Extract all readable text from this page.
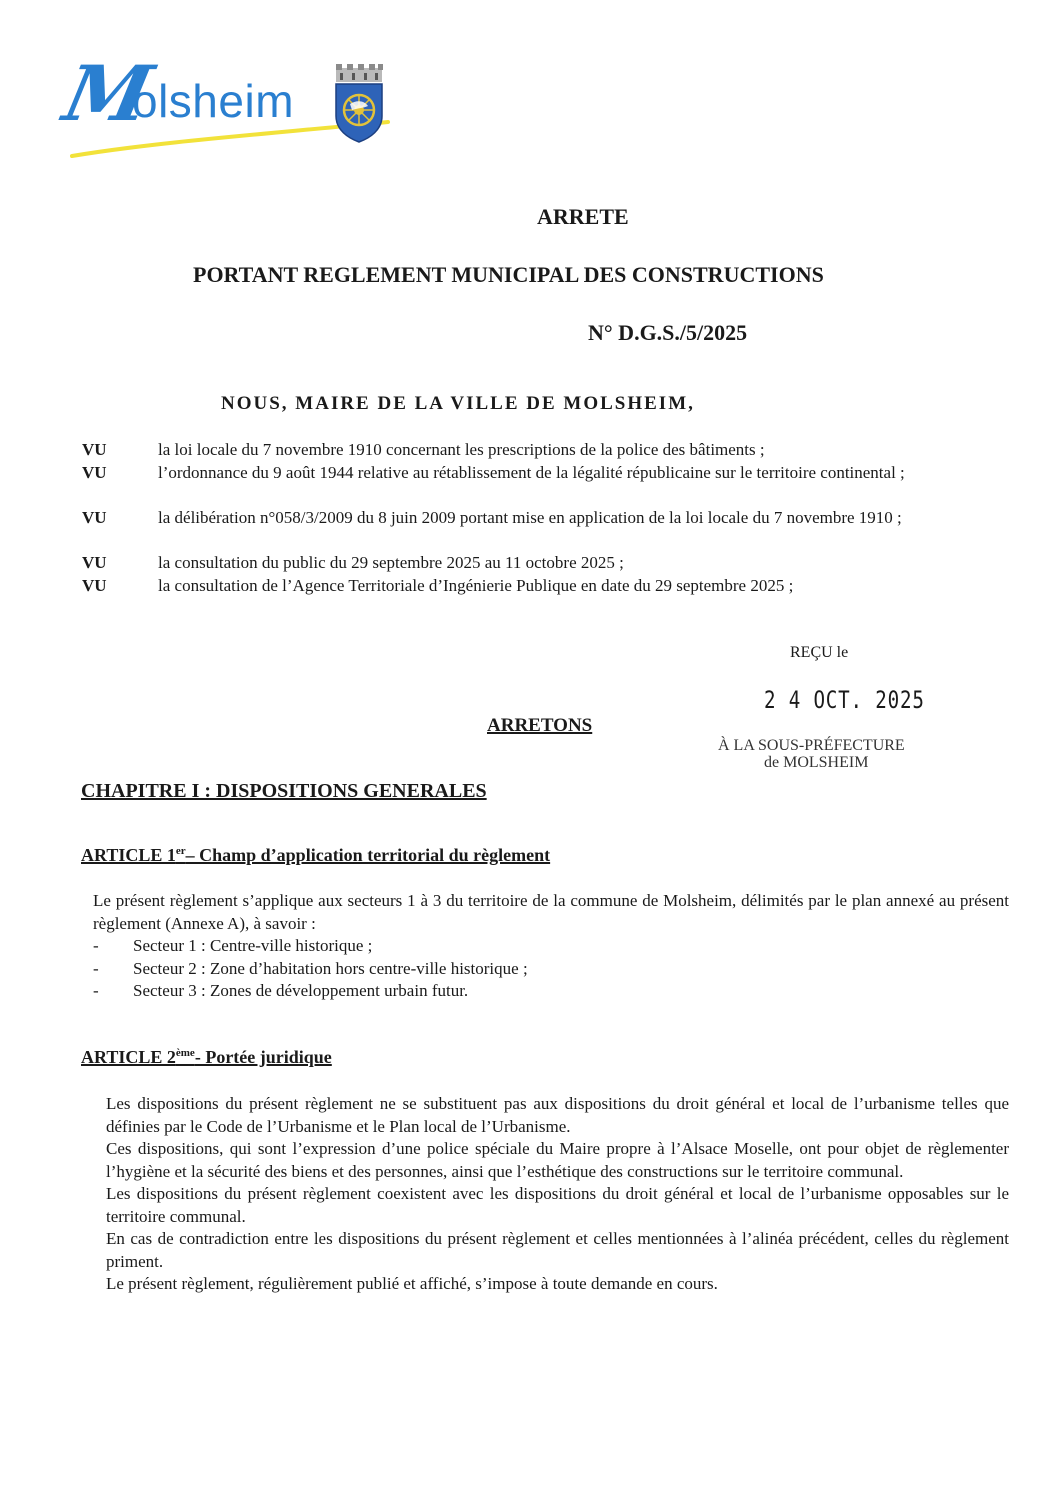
M
olsheim
ARRETE
PORTANT REGLEMENT MUNICIPAL DES CONSTRUCTIONS
N° D.G.S./5/2025
NOUS, MAIRE DE LA VILLE DE MOLSHEIM,
VU	la loi locale du 7 novembre 1910 concernant les prescriptions de la police des bâtiments ;
VU	l’ordonnance du 9 août 1944 relative au rétablissement de la légalité républicaine sur le territoire continental ;
VU	la délibération n°058/3/2009 du 8 juin 2009 portant mise en application de la loi locale du 7 novembre 1910 ;
VU	la consultation du public du 29 septembre 2025 au 11 octobre 2025 ;
VU	la consultation de l’Agence Territoriale d’Ingénierie Publique en date du 29 septembre 2025 ;
REÇU le
2 4 OCT. 2025
À LA SOUS-PRÉFECTURE
de MOLSHEIM
ARRETONS
CHAPITRE I : DISPOSITIONS GENERALES
ARTICLE 1er– Champ d’application territorial du règlement
Le présent règlement s’applique aux secteurs 1 à 3 du territoire de la commune de Molsheim, délimités par le plan annexé au présent règlement (Annexe A), à savoir :
- Secteur 1 : Centre-ville historique ;
- Secteur 2 : Zone d’habitation hors centre-ville historique ;
- Secteur 3 : Zones de développement urbain futur.
ARTICLE 2ème- Portée juridique
Les dispositions du présent règlement ne se substituent pas aux dispositions du droit général et local de l’urbanisme telles que définies par le Code de l’Urbanisme et le Plan local de l’Urbanisme.
Ces dispositions, qui sont l’expression d’une police spéciale du Maire propre à l’Alsace Moselle, ont pour objet de règlementer l’hygiène et la sécurité des biens et des personnes, ainsi que l’esthétique des constructions sur le territoire communal.
Les dispositions du présent règlement coexistent avec les dispositions du droit général et local de l’urbanisme opposables sur le territoire communal.
En cas de contradiction entre les dispositions du présent règlement et celles mentionnées à l’alinéa précédent, celles du règlement priment.
Le présent règlement, régulièrement publié et affiché, s’impose à toute demande en cours.
